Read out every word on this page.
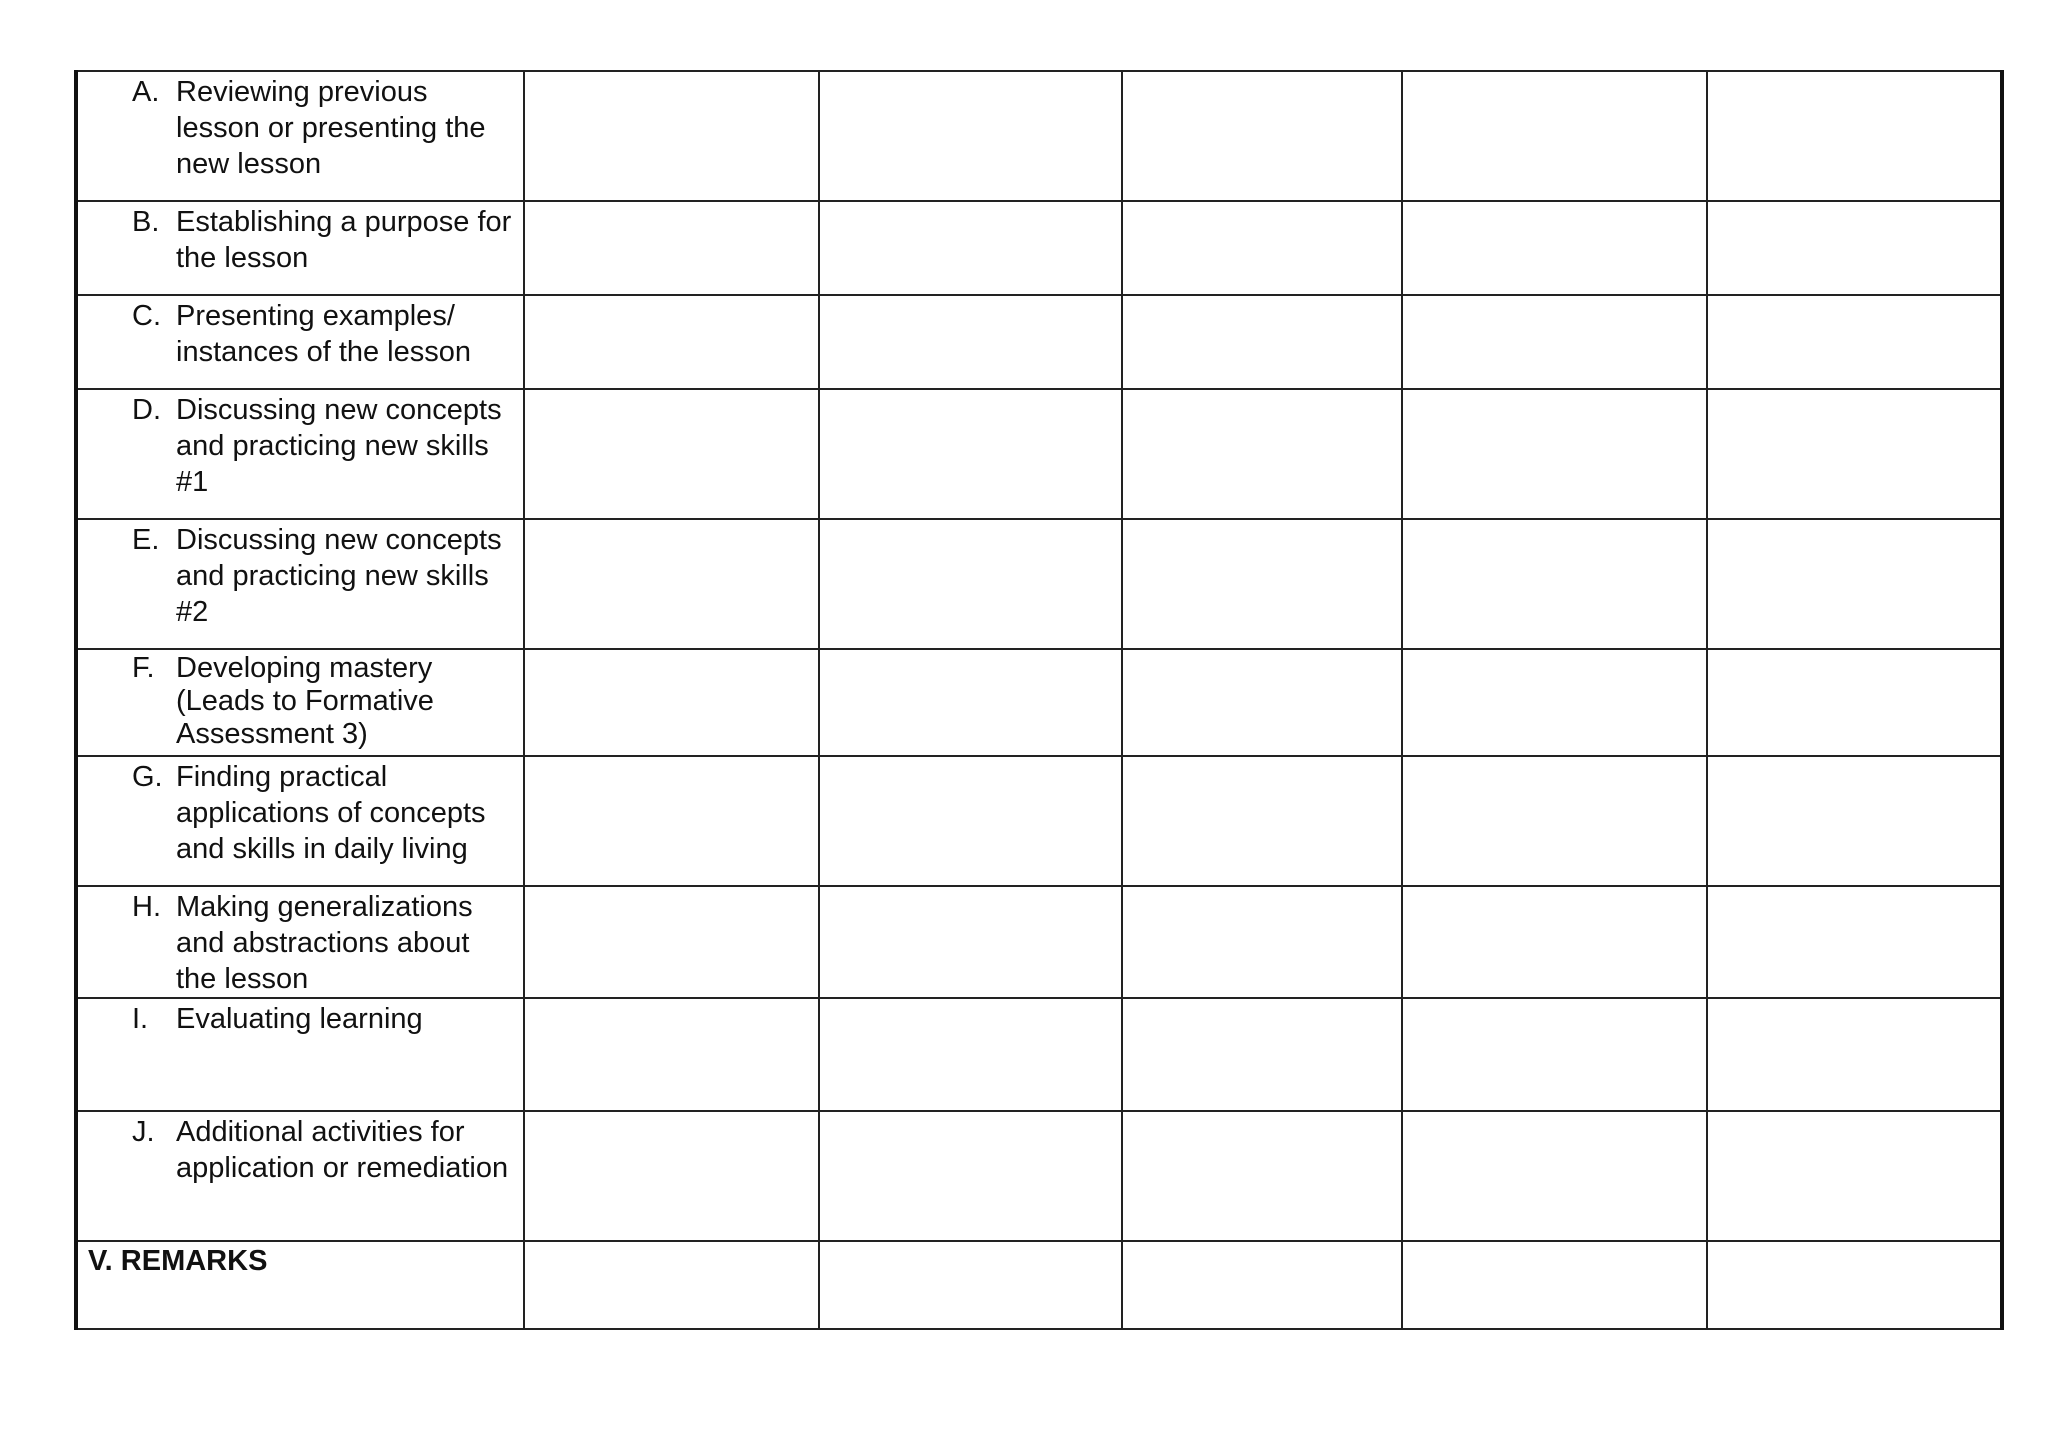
A. Reviewing previous lesson or presenting the new lesson					

B. Establishing a purpose for the lesson					

C. Presenting examples/ instances of the lesson					

D. Discussing new concepts and practicing new skills #1					

E. Discussing new concepts and practicing new skills #2					

F. Developing mastery (Leads to Formative Assessment 3)					

G. Finding practical applications of concepts and skills in daily living					

H. Making generalizations and abstractions about the lesson					

I. Evaluating learning					

J. Additional activities for application or remediation					

V. REMARKS					
